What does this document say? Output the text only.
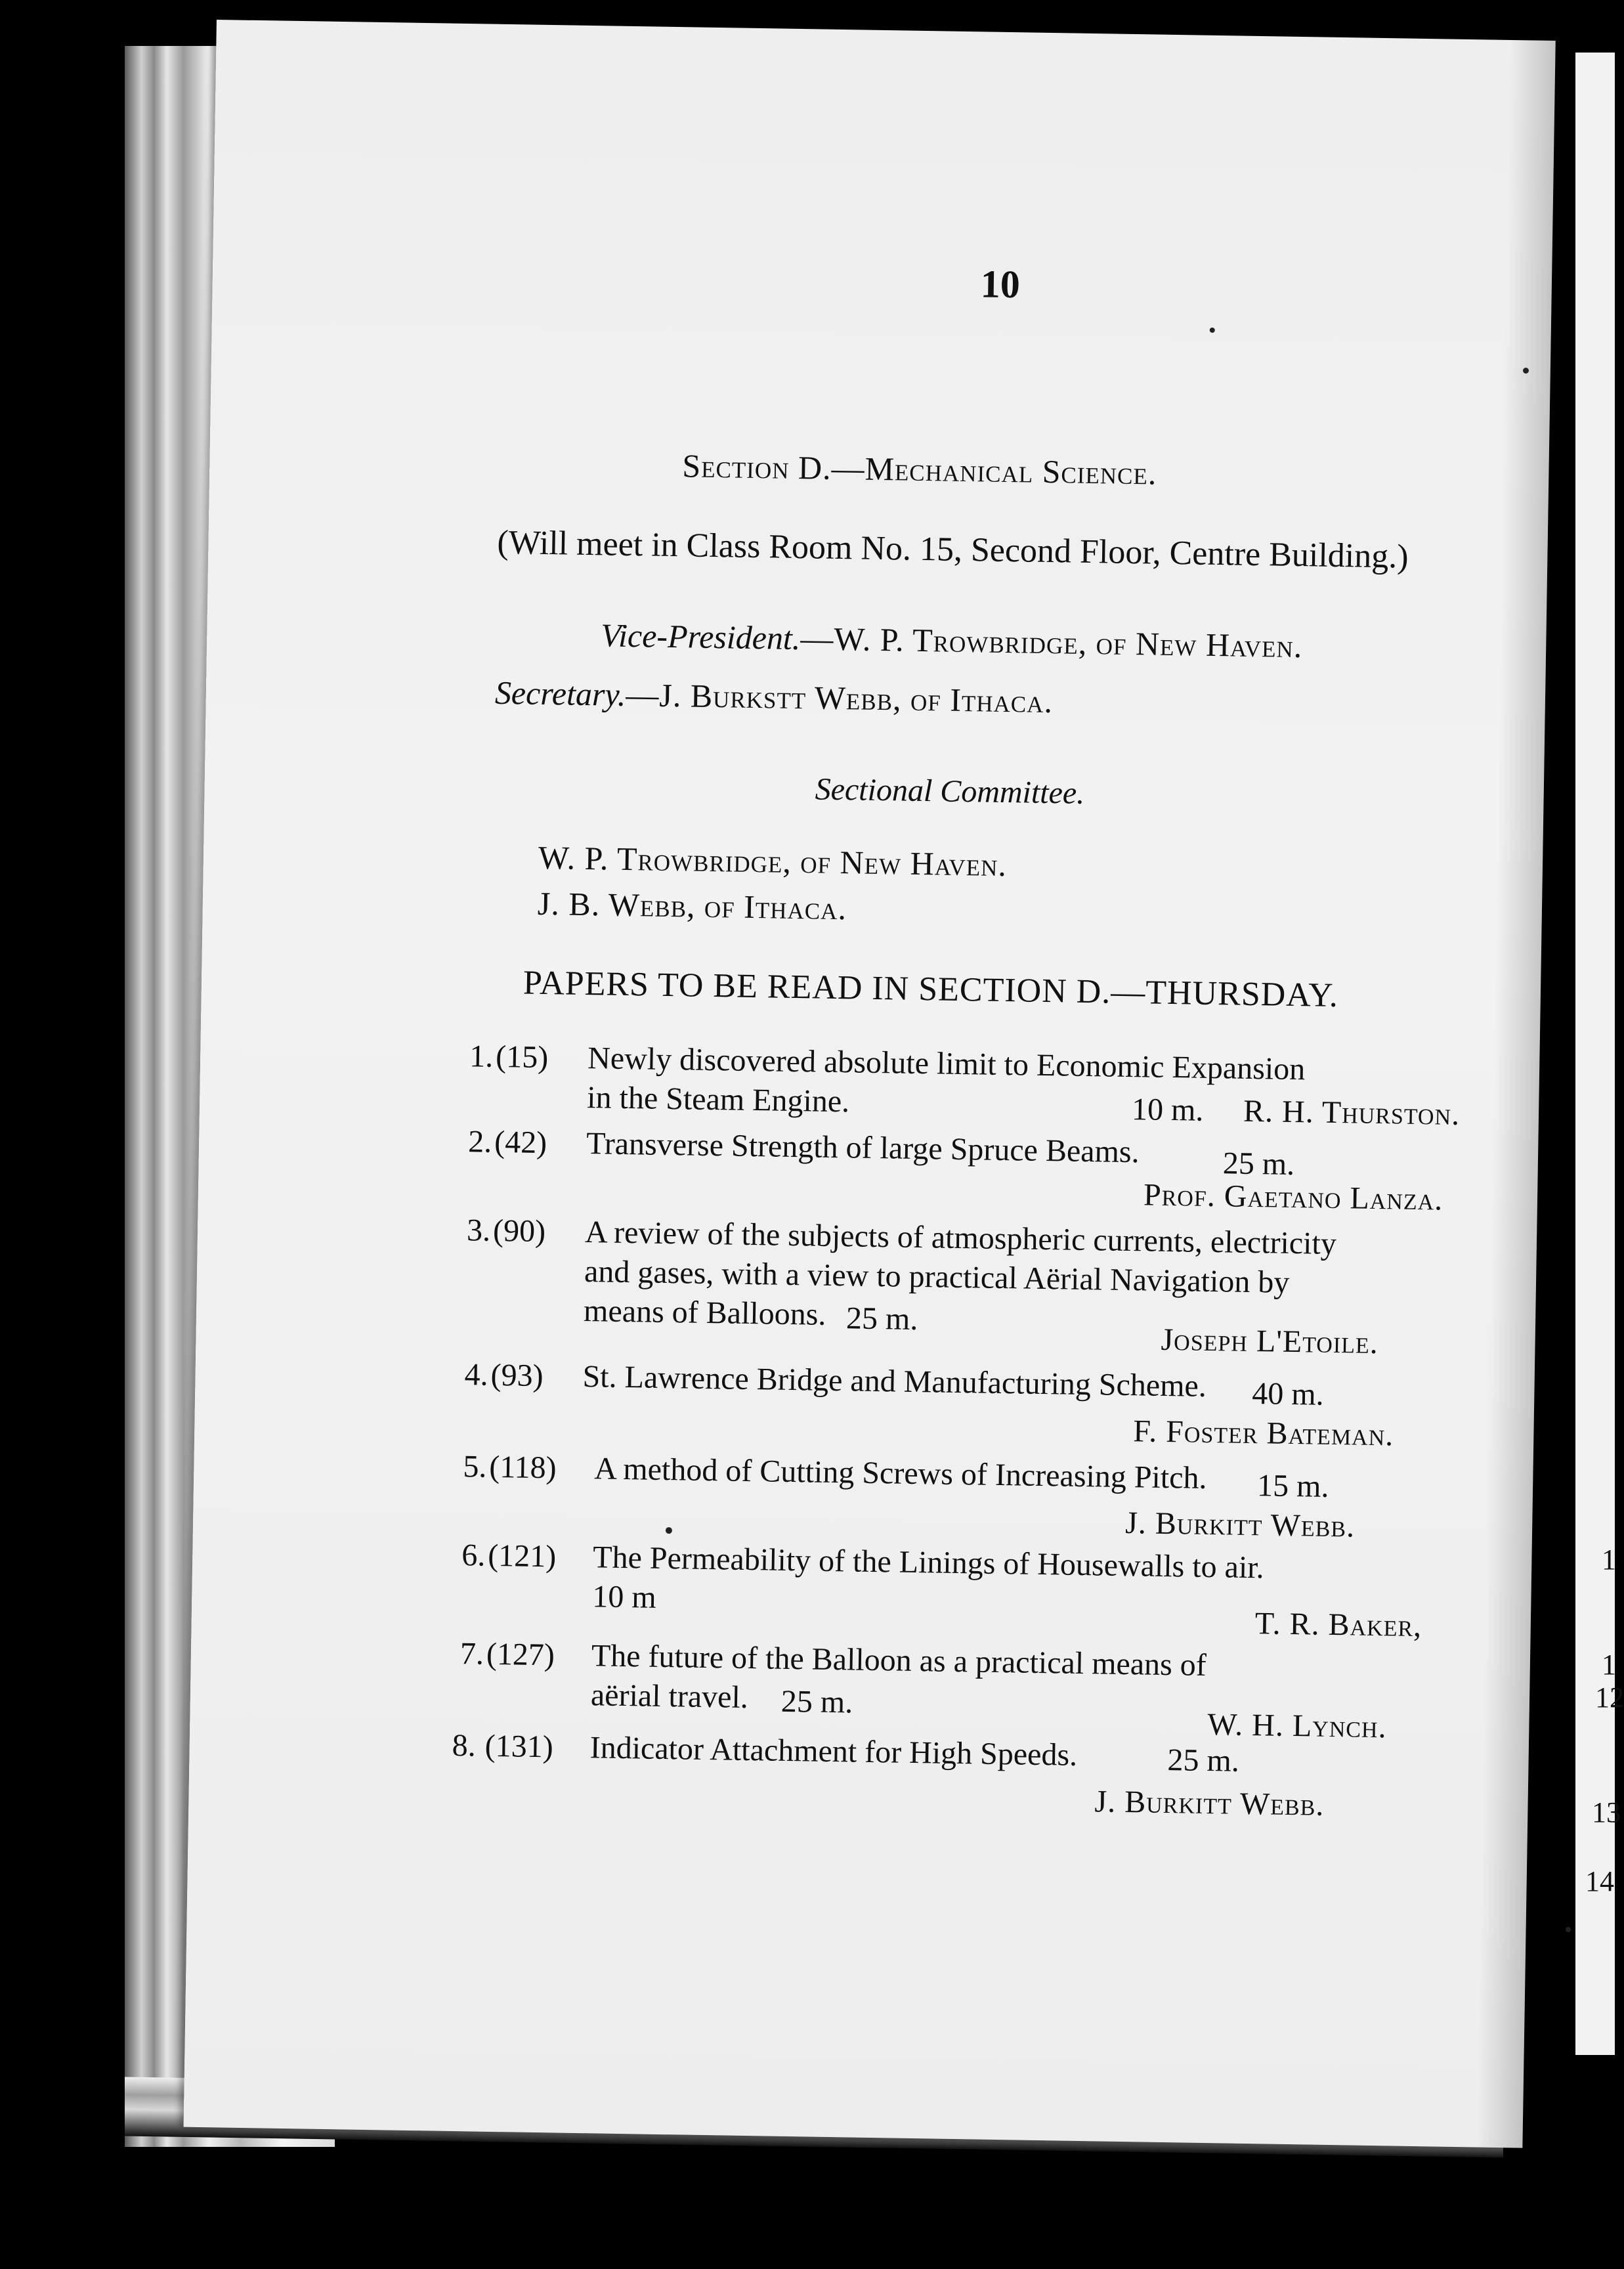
1
1
12
13
14
10
Section D.—Mechanical Science.
(Will meet in Class Room No. 15, Second Floor, Centre Building.)
Vice-President.—W. P. Trowbridge, of New Haven.
Secretary.—J. Burkstt Webb, of Ithaca.
Sectional Committee.
W. P. Trowbridge, of New Haven.
J. B. Webb, of Ithaca.
PAPERS TO BE READ IN SECTION D.—THURSDAY.
1. (15) Newly discovered absolute limit to Economic Expansion
in the Steam Engine.	10 m. R. H. Thurston.
2. (42) Transverse Strength of large Spruce Beams.	25 m.
Prof. Gaetano Lanza.
3. (90) A review of the subjects of atmospheric currents, electricity
and gases, with a view to practical Aërial Navigation by
means of Balloons. 25 m.
Joseph L'Etoile.
4. (93) St. Lawrence Bridge and Manufacturing Scheme. 40 m.
F. Foster Bateman.
5. (118) A method of Cutting Screws of Increasing Pitch. 15 m.
J. Burkitt Webb.
6. (121) The Permeability of the Linings of Housewalls to air.
10 m
T. R. Baker,
7. (127) The future of the Balloon as a practical means of
aërial travel. 25 m.
W. H. Lynch.
8. (131) Indicator Attachment for High Speeds.	25 m.
J. Burkitt Webb.
